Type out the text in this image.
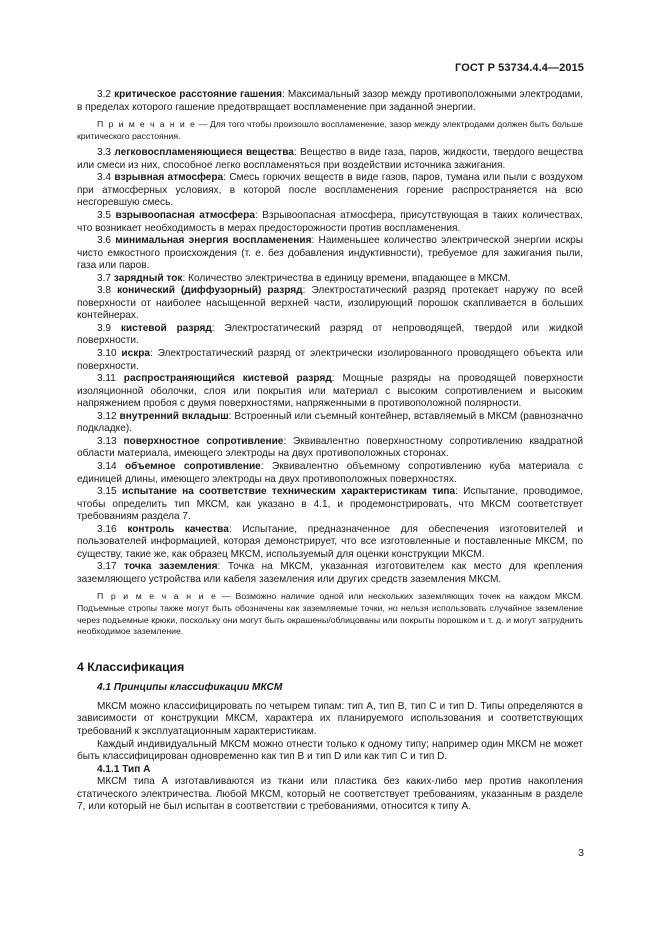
ГОСТ Р 53734.4.4—2015

3.2 критическое расстояние гашения: Максимальный зазор между противоположными электродами, в пределах которого гашение предотвращает воспламенение при заданной энергии.

П р и м е ч а н и е — Для того чтобы произошло воспламенение, зазор между электродами должен быть больше критического расстояния.

3.3 легковоспламеняющиеся вещества: Вещество в виде газа, паров, жидкости, твердого вещества или смеси из них, способное легко воспламеняться при воздействии источника зажигания.

3.4 взрывная атмосфера: Смесь горючих веществ в виде газов, паров, тумана или пыли с воздухом при атмосферных условиях, в которой после воспламенения горение распространяется на всю несгоревшую смесь.

3.5 взрывоопасная атмосфера: Взрывоопасная атмосфера, присутствующая в таких количествах, что возникает необходимость в мерах предосторожности против воспламенения.

3.6 минимальная энергия воспламенения: Наименьшее количество электрической энергии искры чисто емкостного происхождения (т. е. без добавления индуктивности), требуемое для зажигания пыли, газа или паров.

3.7 зарядный ток: Количество электричества в единицу времени, впадающее в МКСМ.

3.8 конический (диффузорный) разряд: Электростатический разряд протекает наружу по всей поверхности от наиболее насыщенной верхней части, изолирующий порошок скапливается в больших контейнерах.

3.9 кистевой разряд: Электростатический разряд от непроводящей, твердой или жидкой поверхности.

3.10 искра: Электростатический разряд от электрически изолированного проводящего объекта или поверхности.

3.11 распространяющийся кистевой разряд: Мощные разряды на проводящей поверхности изоляционной оболочки, слоя или покрытия или материал с высоким сопротивлением и высоким напряжением пробоя с двумя поверхностями, напряженными в противоположной полярности.

3.12 внутренний вкладыш: Встроенный или съемный контейнер, вставляемый в МКСМ (равнозначно подкладке).

3.13 поверхностное сопротивление: Эквивалентно поверхностному сопротивлению квадратной области материала, имеющего электроды на двух противоположных сторонах.

3.14 объемное сопротивление: Эквивалентно объемному сопротивлению куба материала с единицей длины, имеющего электроды на двух противоположных поверхностях.

3.15 испытание на соответствие техническим характеристикам типа: Испытание, проводимое, чтобы определить тип МКСМ, как указано в 4.1, и продемонстрировать, что МКСМ соответствует требованиям раздела 7.

3.16 контроль качества: Испытание, предназначенное для обеспечения изготовителей и пользователей информацией, которая демонстрирует, что все изготовленные и поставленные МКСМ, по существу, такие же, как образец МКСМ, используемый для оценки конструкции МКСМ.

3.17 точка заземления: Точка на МКСМ, указанная изготовителем как место для крепления заземляющего устройства или кабеля заземления или других средств заземления МКСМ.

П р и м е ч а н и е — Возможно наличие одной или нескольких заземляющих точек на каждом МКСМ. Подъемные стропы также могут быть обозначены как заземляемые точки, но нельзя использовать случайное заземление через подъемные крюки, поскольку они могут быть окрашены/облицованы или покрыты порошком и т. д. и могут затруднить необходимое заземление.

4 Классификация

4.1 Принципы классификации МКСМ

МКСМ можно классифицировать по четырем типам: тип А, тип В, тип С и тип D. Типы определяются в зависимости от конструкции МКСМ, характера их планируемого использования и соответствующих требований к эксплуатационным характеристикам.

Каждый индивидуальный МКСМ можно отнести только к одному типу; например один МКСМ не может быть классифицирован одновременно как тип В и тип D или как тип С и тип D.

4.1.1 Тип А

МКСМ типа А изготавливаются из ткани или пластика без каких-либо мер против накопления статического электричества. Любой МКСМ, который не соответствует требованиям, указанным в разделе 7, или который не был испытан в соответствии с требованиями, относится к типу А.

3
